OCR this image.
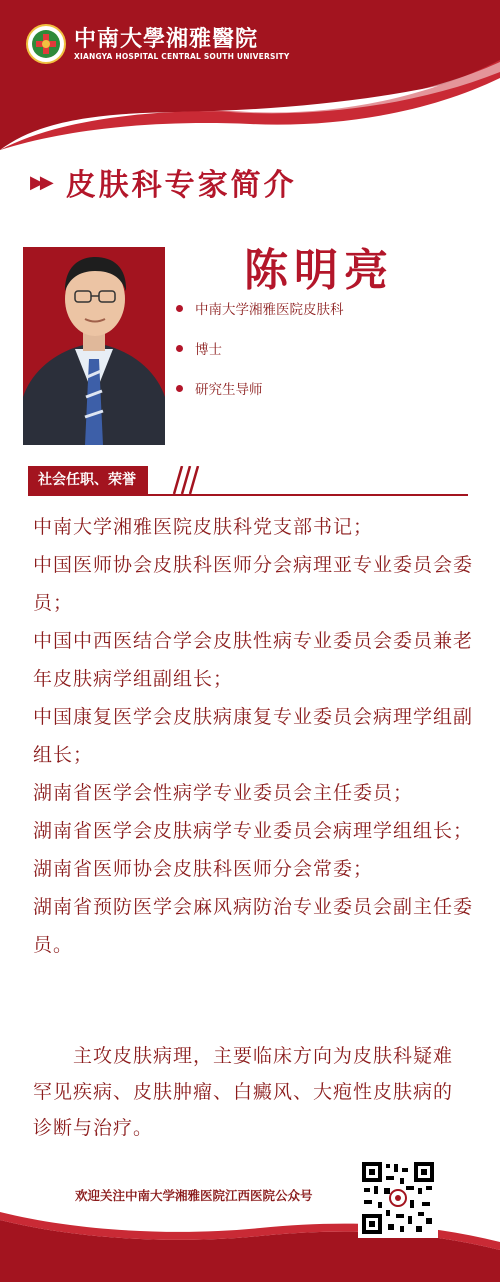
中南大學湘雅醫院
XIANGYA HOSPITAL CENTRAL SOUTH UNIVERSITY
▶▶ 皮肤科专家简介
陈明亮
中南大学湘雅医院皮肤科
博士
研究生导师
社会任职、荣誉

中南大学湘雅医院皮肤科党支部书记；

中国医师协会皮肤科医师分会病理亚专业委员会委员；

中国中西医结合学会皮肤性病专业委员会委员兼老年皮肤病学组副组长；

中国康复医学会皮肤病康复专业委员会病理学组副组长；

湖南省医学会性病学专业委员会主任委员；

湖南省医学会皮肤病学专业委员会病理学组组长；

湖南省医师协会皮肤科医师分会常委；

湖南省预防医学会麻风病防治专业委员会副主任委员。

主攻皮肤病理，主要临床方向为皮肤科疑难罕见疾病、皮肤肿瘤、白癜风、大疱性皮肤病的诊断与治疗。

欢迎关注中南大学湘雅医院江西医院公众号
